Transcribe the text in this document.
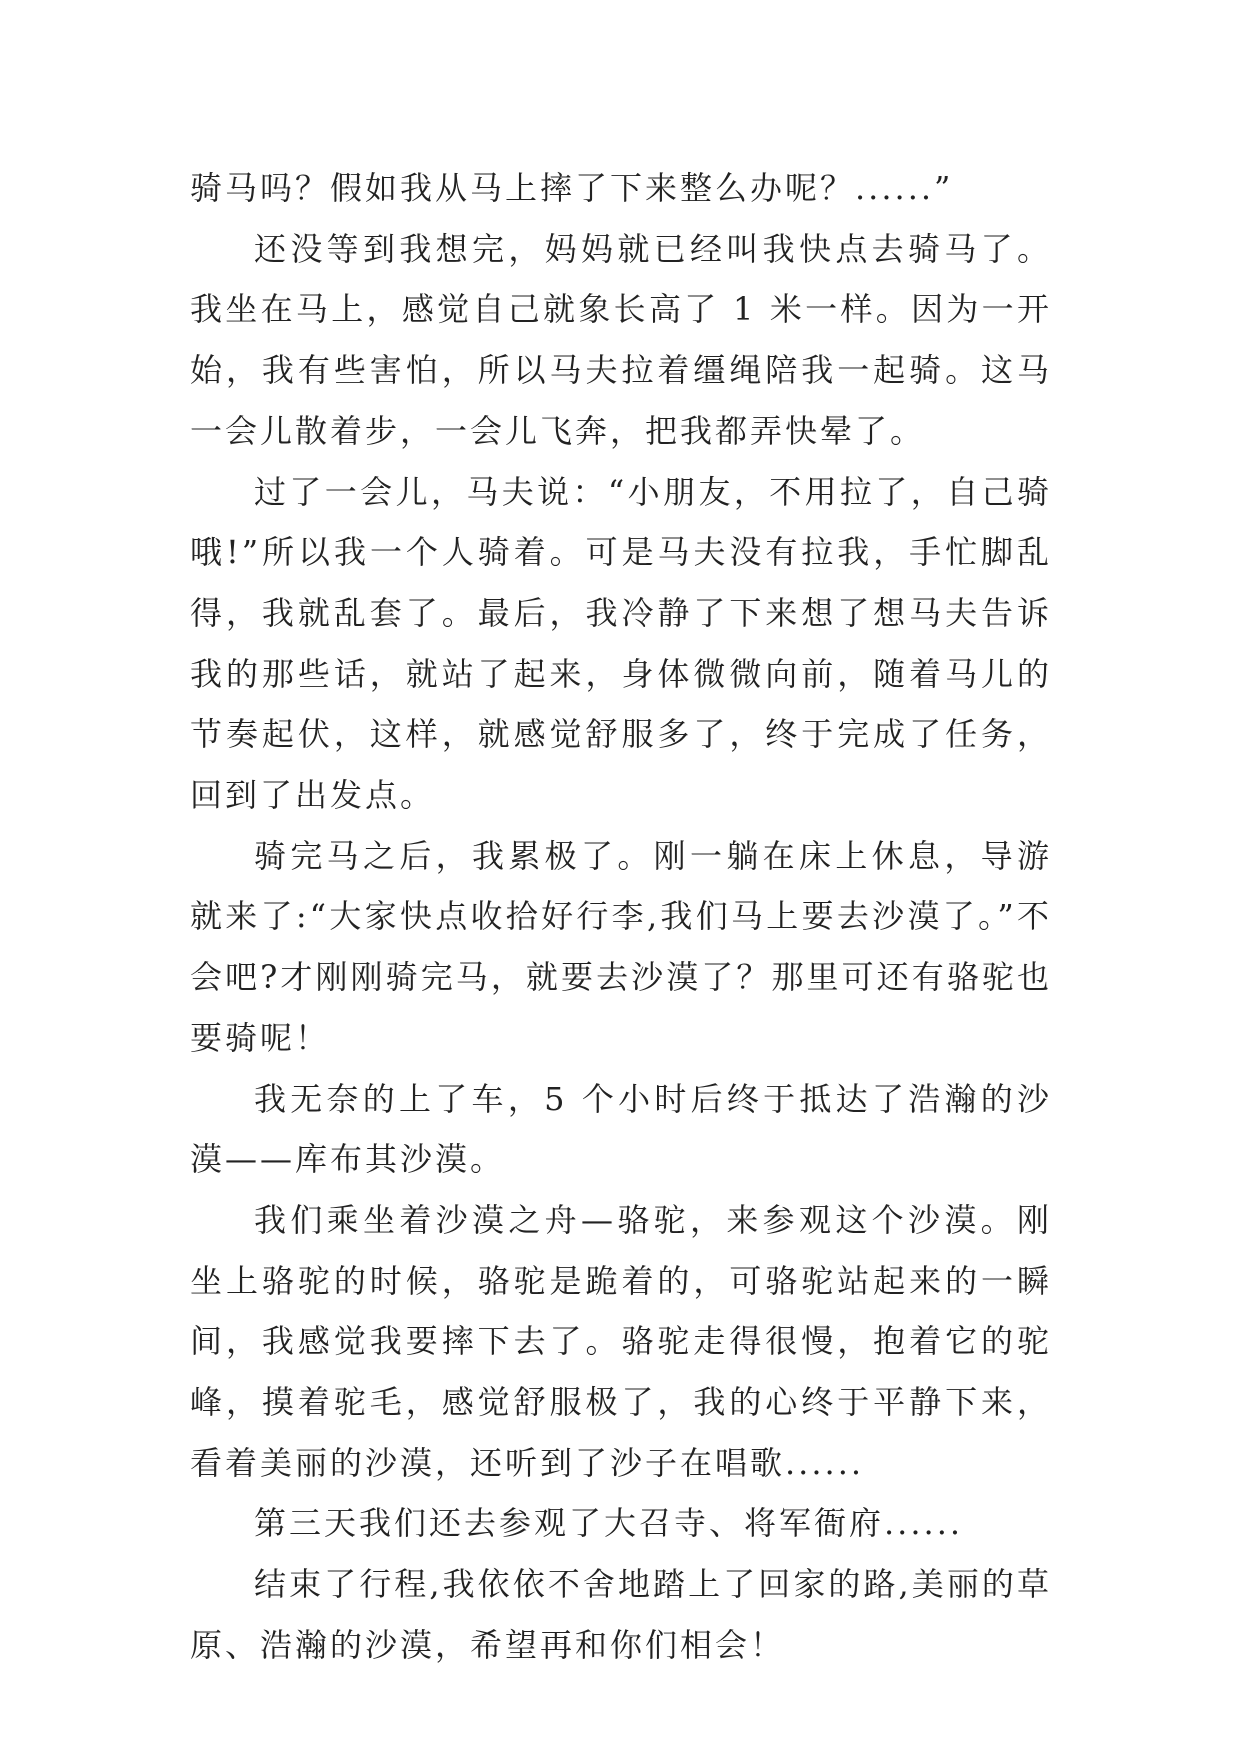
骑马吗？假如我从马上摔了下来整么办呢？......”

还没等到我想完，妈妈就已经叫我快点去骑马了。我坐在马上，感觉自己就象长高了 1 米一样。因为一开始，我有些害怕，所以马夫拉着缰绳陪我一起骑。这马一会儿散着步，一会儿飞奔，把我都弄快晕了。

过了一会儿，马夫说：“小朋友，不用拉了，自己骑哦!”所以我一个人骑着。可是马夫没有拉我，手忙脚乱得，我就乱套了。最后，我冷静了下来想了想马夫告诉我的那些话，就站了起来，身体微微向前，随着马儿的节奏起伏，这样，就感觉舒服多了，终于完成了任务，回到了出发点。

骑完马之后，我累极了。刚一躺在床上休息，导游就来了:“大家快点收拾好行李,我们马上要去沙漠了。”不会吧?才刚刚骑完马，就要去沙漠了？那里可还有骆驼也要骑呢！

我无奈的上了车，5 个小时后终于抵达了浩瀚的沙漠——库布其沙漠。

我们乘坐着沙漠之舟—骆驼，来参观这个沙漠。刚坐上骆驼的时候，骆驼是跪着的，可骆驼站起来的一瞬间，我感觉我要摔下去了。骆驼走得很慢，抱着它的驼峰，摸着驼毛，感觉舒服极了，我的心终于平静下来，看着美丽的沙漠，还听到了沙子在唱歌......

第三天我们还去参观了大召寺、将军衙府......

结束了行程,我依依不舍地踏上了回家的路,美丽的草原、浩瀚的沙漠，希望再和你们相会！
